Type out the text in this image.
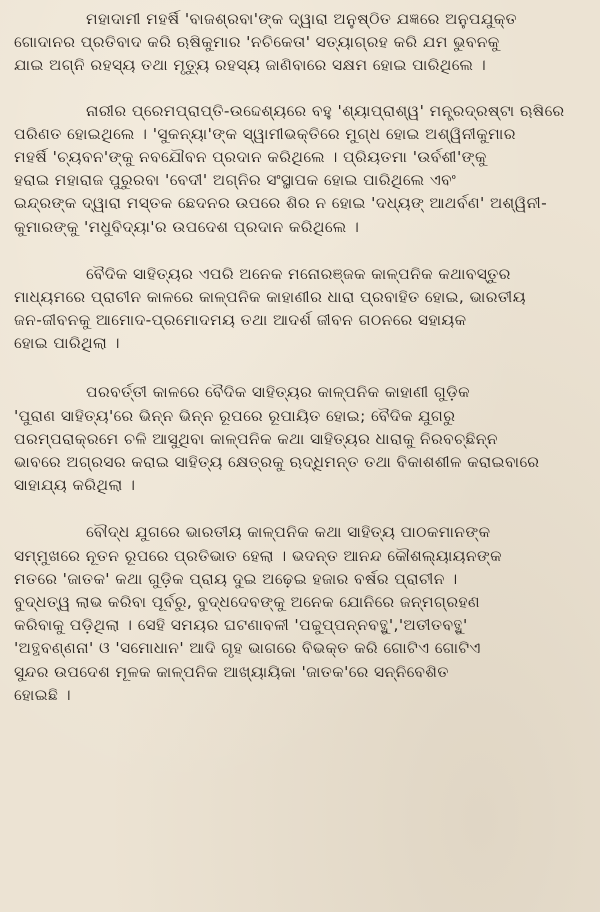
ମହାଦାମୀ ମହର୍ଷି 'ବାଜଶ୍ରବା'ଙ୍କ ଦ୍ୱାରା ଅନୁଷ୍ଠିତ ଯଜ୍ଞରେ ଅନୁପଯୁକ୍ତ
ଗୋଦାନର ପ୍ରତିବାଦ କରି ଋଷିକୁମାର 'ନଚିକେତା' ସତ୍ୟାଗ୍ରହ କରି ଯମ ଭୁବନକୁ
ଯାଇ ଅଗ୍ନି ରହସ୍ୟ ତଥା ମୃତ୍ୟୁ ରହସ୍ୟ ଜାଣିବାରେ ସକ୍ଷମ ହୋଇ ପାରିଥିଲେ ।
ନାରୀର ପ୍ରେମପ୍ରାପ୍ତି-ଉଦ୍ଦେଶ୍ୟରେ ବହୁ 'ଶ୍ୟାପ୍ରାଶ୍ୱ' ମନ୍ତ୍ରଦ୍ରଷ୍ଟା ଋଷିରେ
ପରିଣତ ହୋଇଥିଲେ । 'ସୁକନ୍ୟା'ଙ୍କ ସ୍ୱାମୀଭକ୍ତିରେ ମୁଗ୍ଧ ହୋଇ ଅଶ୍ୱିନୀକୁମାର
ମହର୍ଷି 'ଚ୍ୟବନ'ଙ୍କୁ ନବଯୌବନ ପ୍ରଦାନ କରିଥିଲେ । ପ୍ରିୟତମା 'ଉର୍ବଶୀ'ଙ୍କୁ
ହରାଇ ମହାରାଜ ପୁରୁରବା 'ବେଦୀ' ଅଗ୍ନିର ସଂସ୍ଥାପକ ହୋଇ ପାରିଥିଲେ ଏବଂ
ଇନ୍ଦ୍ରଙ୍କ ଦ୍ୱାରା ମସ୍ତକ ଛେଦନର ଉପରେ ଶିର ନ ହୋଇ 'ଦଧ୍ୟଙ୍ ଆଥର୍ବଣ' ଅଶ୍ୱିନୀ-
କୁମାରଙ୍କୁ 'ମଧୁବିଦ୍ୟା'ର ଉପଦେଶ ପ୍ରଦାନ କରିଥିଲେ ।
ବୈଦିକ ସାହିତ୍ୟର ଏପରି ଅନେକ ମନୋରଞ୍ଜକ କାଳ୍ପନିକ କଥାବସ୍ତୁର
ମାଧ୍ୟମରେ ପ୍ରାଚୀନ କାଳରେ କାଳ୍ପନିକ କାହାଣୀର ଧାରା ପ୍ରବାହିତ ହୋଇ, ଭାରତୀୟ
ଜନ-ଜୀବନକୁ ଆମୋଦ-ପ୍ରମୋଦମୟ ତଥା ଆଦର୍ଶ ଜୀବନ ଗଠନରେ ସହାୟକ
ହୋଇ ପାରିଥିଲା ।
ପରବର୍ତ୍ତୀ କାଳରେ ବୈଦିକ ସାହିତ୍ୟର କାଳ୍ପନିକ କାହାଣୀ ଗୁଡ଼ିକ
'ପୁରାଣ ସାହିତ୍ୟ'ରେ ଭିନ୍ନ ଭିନ୍ନ ରୂପରେ ରୂପାୟିତ ହୋଇ; ବୈଦିକ ଯୁଗରୁ
ପରମ୍ପରାକ୍ରମେ ଚଳି ଆସୁଥିବା କାଳ୍ପନିକ କଥା ସାହିତ୍ୟର ଧାରାକୁ ନିରବଚ୍ଛିନ୍ନ
ଭାବରେ ଅଗ୍ରସର କରାଇ ସାହିତ୍ୟ କ୍ଷେତ୍ରକୁ ଋଦ୍ଧିମନ୍ତ ତଥା ବିକାଶଶୀଳ କରାଇବାରେ
ସାହାଯ୍ୟ କରିଥିଲା ।
ବୌଦ୍ଧ ଯୁଗରେ ଭାରତୀୟ କାଳ୍ପନିକ କଥା ସାହିତ୍ୟ ପାଠକମାନଙ୍କ
ସମ୍ମୁଖରେ ନୂତନ ରୂପରେ ପ୍ରତିଭାତ ହେଲା । ଭଦନ୍ତ ଆନନ୍ଦ କୌଶଲ୍ୟାୟନଙ୍କ
ମତରେ 'ଜାତକ' କଥା ଗୁଡ଼ିକ ପ୍ରାୟ ଦୁଇ ଅଢ଼େଇ ହଜାର ବର୍ଷର ପ୍ରାଚୀନ ।
ବୁଦ୍ଧତ୍ୱ ଲାଭ କରିବା ପୂର୍ବରୁ, ବୁଦ୍ଧଦେବଙ୍କୁ ଅନେକ ଯୋନିରେ ଜନ୍ମଗ୍ରହଣ
କରିବାକୁ ପଡ଼ିଥିଲା । ସେହି ସମୟର ଘଟଣାବଳୀ 'ପଚ୍ଚୁପ୍ପନ୍ନବତ୍ଥୁ','ଅତୀତବତ୍ଥୁ'
'ଅତ୍ଥବଣ୍ଣନା' ଓ 'ସମୋଧାନ' ଆଦି ଗୃହ ଭାଗରେ ବିଭକ୍ତ କରି ଗୋଟିଏ ଗୋଟିଏ
ସୁନ୍ଦର ଉପଦେଶ ମୂଳକ କାଳ୍ପନିକ ଆଖ୍ୟାୟିକା 'ଜାତକ'ରେ ସନ୍ନିବେଶିତ
ହୋଇଛି ।
